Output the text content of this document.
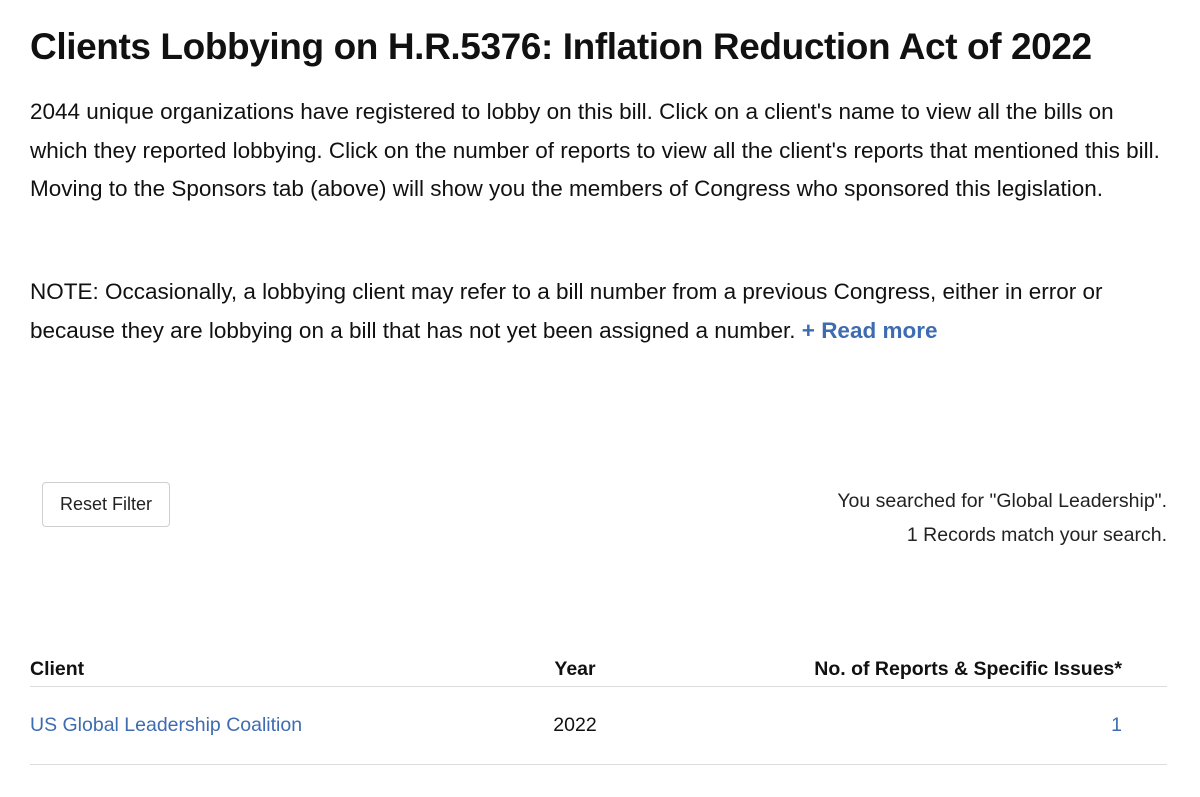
Clients Lobbying on H.R.5376: Inflation Reduction Act of 2022

2044 unique organizations have registered to lobby on this bill. Click on a client's name to view all the bills on which they reported lobbying. Click on the number of reports to view all the client's reports that mentioned this bill. Moving to the Sponsors tab (above) will show you the members of Congress who sponsored this legislation.

NOTE: Occasionally, a lobbying client may refer to a bill number from a previous Congress, either in error or because they are lobbying on a bill that has not yet been assigned a number. + Read more

Reset Filter	You searched for "Global Leadership".
1 Records match your search.
Client	Year	No. of Reports & Specific Issues*
US Global Leadership Coalition	2022	1
